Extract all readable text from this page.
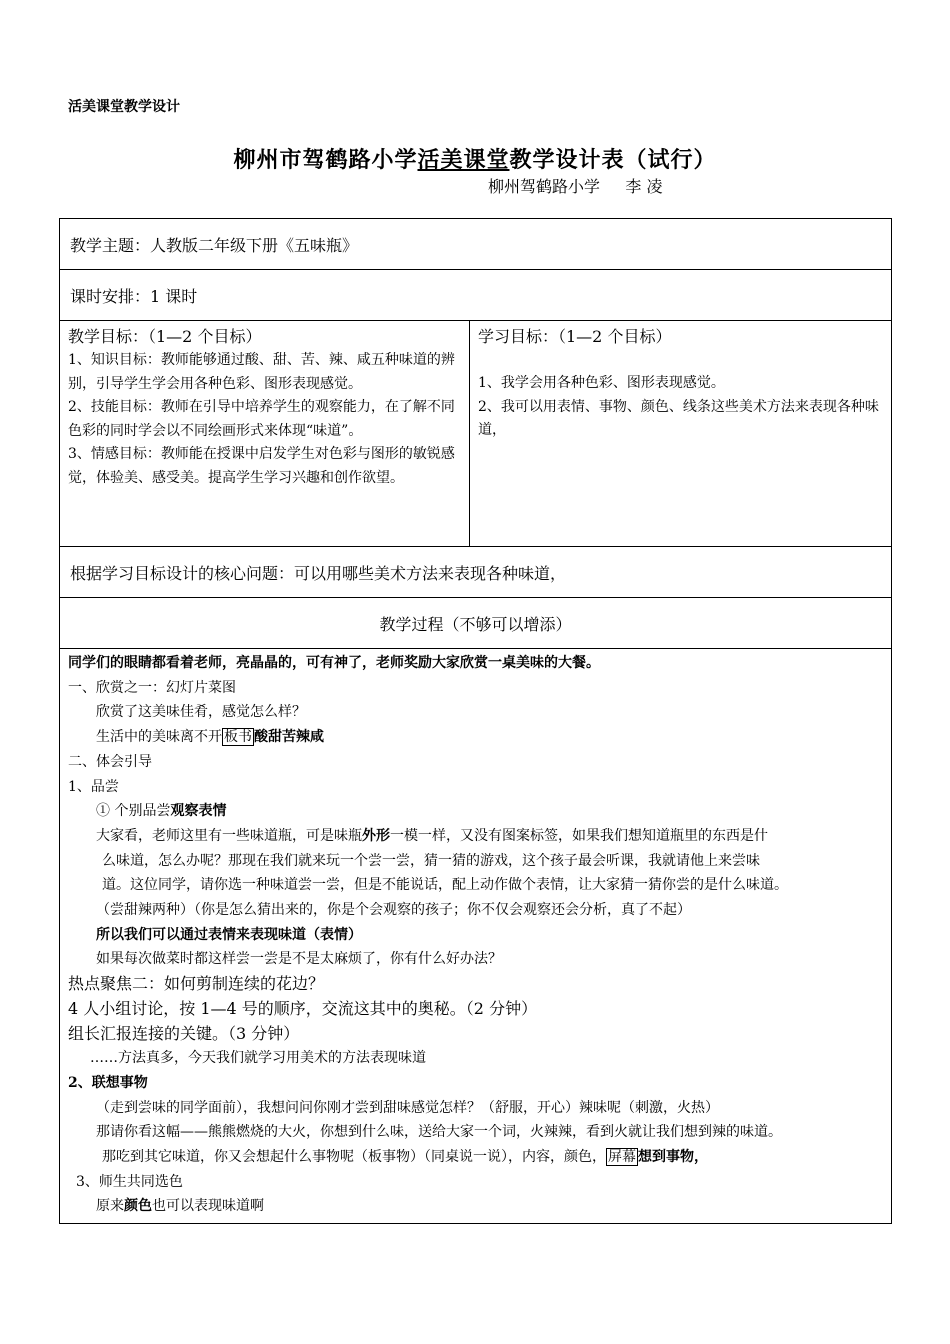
活美课堂教学设计
柳州市驾鹤路小学活美课堂教学设计表（试行）
柳州驾鹤路小学     李 凌
教学主题：人教版二年级下册《五味瓶》
课时安排：1 课时

教学目标：（1—2 个目标）
1、知识目标：教师能够通过酸、甜、苦、辣、咸五种味道的辨别，引导学生学会用各种色彩、图形表现感觉。
2、技能目标：教师在引导中培养学生的观察能力，在了解不同色彩的同时学会以不同绘画形式来体现“味道”。
3、情感目标：教师能在授课中启发学生对色彩与图形的敏锐感觉，体验美、感受美。提高学生学习兴趣和创作欲望。

学习目标：（1—2 个目标）
1、我学会用各种色彩、图形表现感觉。
2、我可以用表情、事物、颜色、线条这些美术方法来表现各种味道，

根据学习目标设计的核心问题：可以用哪些美术方法来表现各种味道，
教学过程（不够可以增添）

同学们的眼睛都看着老师，亮晶晶的，可有神了，老师奖励大家欣赏一桌美味的大餐。

一、欣赏之一：幻灯片菜图

欣赏了这美味佳肴，感觉怎么样？

生活中的美味离不开 板书 酸甜苦辣咸

二、体会引导

1、品尝

① 个别品尝观察表情

大家看，老师这里有一些味道瓶，可是味瓶外形一模一样，又没有图案标签，如果我们想知道瓶里的东西是什

么味道，怎么办呢？那现在我们就来玩一个尝一尝，猜一猜的游戏，这个孩子最会听课，我就请他上来尝味

道。这位同学，请你选一种味道尝一尝，但是不能说话，配上动作做个表情，让大家猜一猜你尝的是什么味道。

（尝甜辣两种）（你是怎么猜出来的，你是个会观察的孩子；你不仅会观察还会分析，真了不起）

所以我们可以通过表情来表现味道（表情）

如果每次做菜时都这样尝一尝是不是太麻烦了，你有什么好办法？

热点聚焦二：如何剪制连续的花边？

4 人小组讨论，按 1—4 号的顺序，交流这其中的奥秘。（2 分钟）

组长汇报连接的关键。（3 分钟）

……方法真多，今天我们就学习用美术的方法表现味道

2、联想事物

（走到尝味的同学面前），我想问问你刚才尝到甜味感觉怎样？（舒服，开心）辣味呢（刺激，火热）

那请你看这幅——熊熊燃烧的大火，你想到什么味，送给大家一个词，火辣辣，看到火就让我们想到辣的味道。

那吃到其它味道，你又会想起什么事物呢（板事物）（同桌说一说），内容，颜色， 屏幕 想到事物，

3、师生共同选色

原来颜色也可以表现味道啊
